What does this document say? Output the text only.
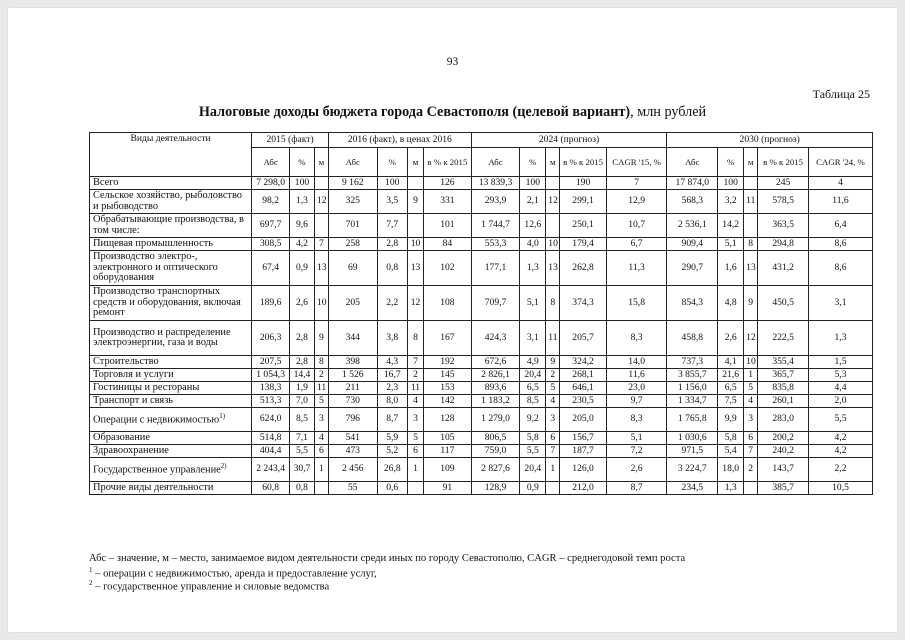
93
Таблица 25
Налоговые доходы бюджета города Севастополя (целевой вариант), млн рублей
Виды деятельности	2015 (факт)			2016 (факт), в ценах 2016				2024 (прогноз)					2030 (прогноз)				
	Абс	%	м	Абс	%	м	в % к 2015	Абс	%	м	в % к 2015	CAGR '15, %	Абс	%	м	в % к 2015	CAGR '24, %
Всего	7 298,0	100		9 162	100		126	13 839,3	100		190	7	17 874,0	100		245	4
Сельское хозяйство, рыболовство и рыбоводство	98,2	1,3	12	325	3,5	9	331	293,9	2,1	12	299,1	12,9	568,3	3,2	11	578,5	11,6
Обрабатывающие производства, в том числе:	697,7	9,6		701	7,7		101	1 744,7	12,6		250,1	10,7	2 536,1	14,2		363,5	6,4
Пищевая промышленность	308,5	4,2	7	258	2,8	10	84	553,3	4,0	10	179,4	6,7	909,4	5,1	8	294,8	8,6
Производство электро-, электронного и оптического оборудования	67,4	0,9	13	69	0,8	13	102	177,1	1,3	13	262,8	11,3	290,7	1,6	13	431,2	8,6
Производство транспортных средств и оборудования, включая ремонт	189,6	2,6	10	205	2,2	12	108	709,7	5,1	8	374,3	15,8	854,3	4,8	9	450,5	3,1
Производство и распределение электроэнергии, газа и воды	206,3	2,8	9	344	3,8	8	167	424,3	3,1	11	205,7	8,3	458,8	2,6	12	222,5	1,3
Строительство	207,5	2,8	8	398	4,3	7	192	672,6	4,9	9	324,2	14,0	737,3	4,1	10	355,4	1,5
Торговля и услуги	1 054,3	14,4	2	1 526	16,7	2	145	2 826,1	20,4	2	268,1	11,6	3 855,7	21,6	1	365,7	5,3
Гостиницы и рестораны	138,3	1,9	11	211	2,3	11	153	893,6	6,5	5	646,1	23,0	1 156,0	6,5	5	835,8	4,4
Транспорт и связь	513,3	7,0	5	730	8,0	4	142	1 183,2	8,5	4	230,5	9,7	1 334,7	7,5	4	260,1	2,0
Операции с недвижимостью$^{1)}$	624,0	8,5	3	796	8,7	3	128	1 279,0	9,2	3	205,0	8,3	1 765,8	9,9	3	283,0	5,5
Образование	514,8	7,1	4	541	5,9	5	105	806,5	5,8	6	156,7	5,1	1 030,6	5,8	6	200,2	4,2
Здравоохранение	404,4	5,5	6	473	5,2	6	117	759,0	5,5	7	187,7	7,2	971,5	5,4	7	240,2	4,2
Государственное управление$^{2)}$	2 243,4	30,7	1	2 456	26,8	1	109	2 827,6	20,4	1	126,0	2,6	3 224,7	18,0	2	143,7	2,2
Прочие виды деятельности	60,8	0,8		55	0,6		91	128,9	0,9		212,0	8,7	234,5	1,3		385,7	10,5
Абс – значение, м – место, занимаемое видом деятельности среди иных по городу Севастополю, CAGR – среднегодовой темп роста
$^1$ – операции с недвижимостью, аренда и предоставление услуг,
$^2$ – государственное управление и силовые ведомства
